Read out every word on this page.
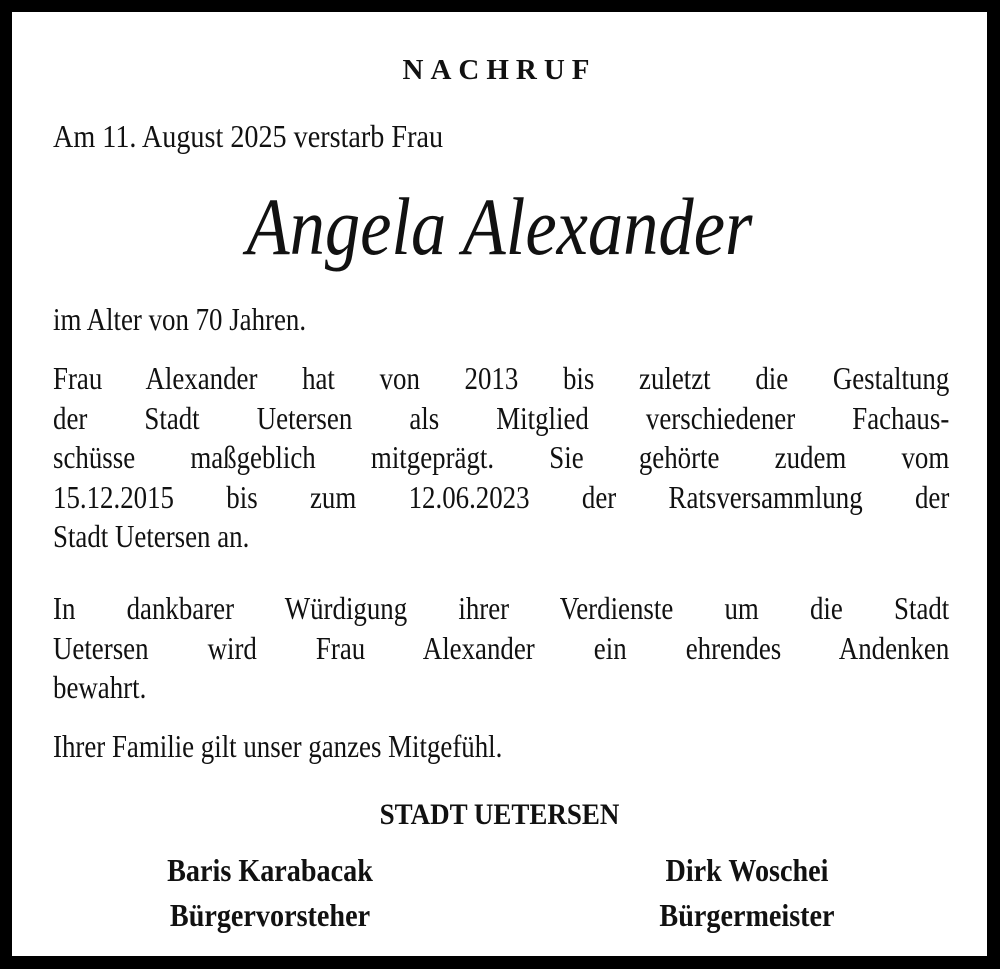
NACHRUF
Am 11. August 2025 verstarb Frau
Angela Alexander
im Alter von 70 Jahren.
Frau Alexander hat von 2013 bis zuletzt die Gestaltung
der Stadt Uetersen als Mitglied verschiedener Fachaus-
schüsse maßgeblich mitgeprägt. Sie gehörte zudem vom
15.12.2015 bis zum 12.06.2023 der Ratsversammlung der
Stadt Uetersen an.
In dankbarer Würdigung ihrer Verdienste um die Stadt
Uetersen wird Frau Alexander ein ehrendes Andenken
bewahrt.
Ihrer Familie gilt unser ganzes Mitgefühl.
STADT UETERSEN
Baris Karabacak
Bürgervorsteher
Dirk Woschei
Bürgermeister
